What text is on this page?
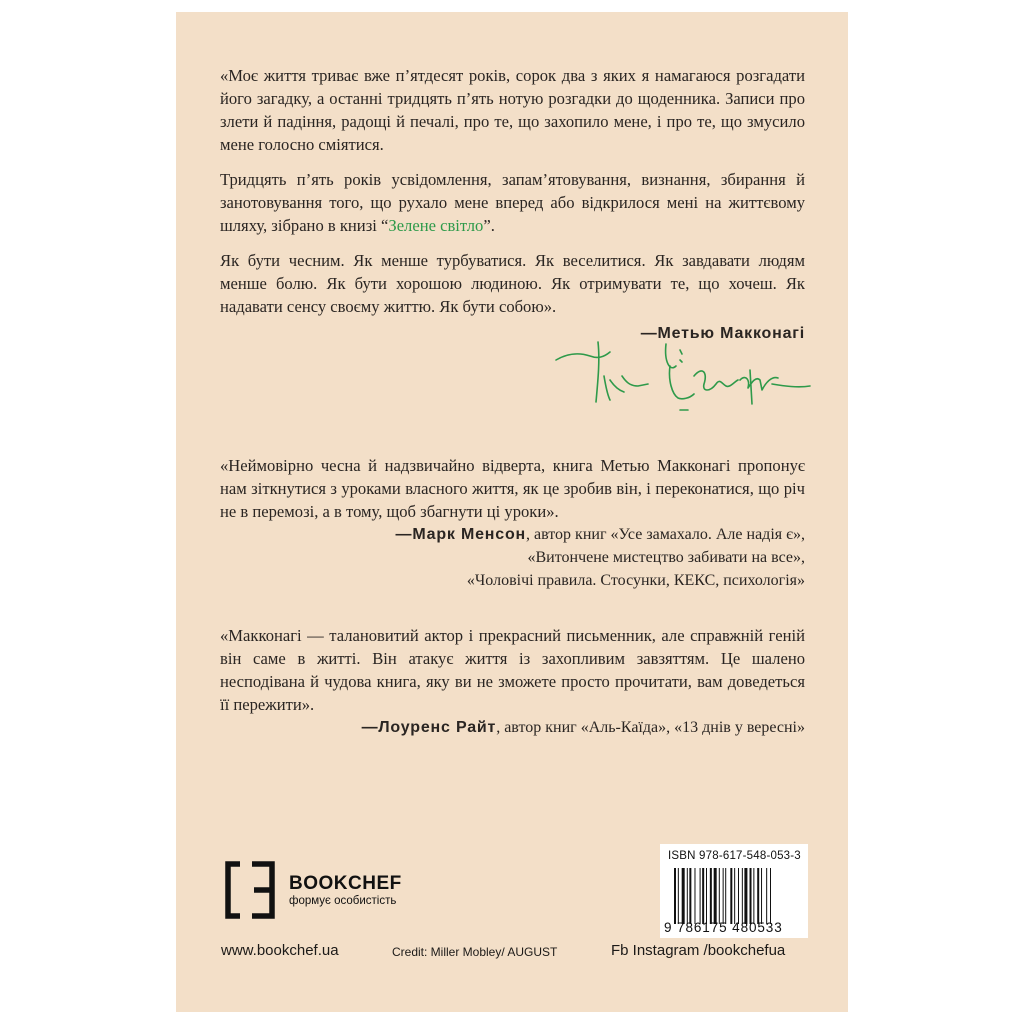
«Моє життя триває вже п’ятдесят років, сорок два з яких я намагаюся розгадати його загадку, а останні тридцять п’ять нотую розгадки до щоденника. Записи про злети й падіння, радощі й печалі, про те, що захопило мене, і про те, що змусило мене голосно сміятися.

Тридцять п’ять років усвідомлення, запам’ятовування, визнання, збирання й занотовування того, що рухало мене вперед або відкрилося мені на життєвому шляху, зібрано в книзі “Зелене світло”.

Як бути чесним. Як менше турбуватися. Як веселитися. Як завдавати людям менше болю. Як бути хорошою людиною. Як отримувати те, що хочеш. Як надавати сенсу своєму життю. Як бути собою».

—Метью Макконагі

«Неймовірно чесна й надзвичайно відверта, книга Метью Макконагі пропонує нам зіткнутися з уроками власного життя, як це зробив він, і переконатися, що річ не в перемозі, а в тому, щоб збагнути ці уроки».

—Марк Менсон, автор книг «Усе замахало. Але надія є»,
«Витончене мистецтво забивати на все»,
«Чоловічі правила. Стосунки, КЕКС, психологія»

«Макконагі — талановитий актор і прекрасний письменник, але справжній геній він саме в житті. Він атакує життя із захопливим завзяттям. Це шалено несподівана й чудова книга, яку ви не зможете просто прочитати, вам доведеться її пережити».

—Лоуренс Райт, автор книг «Аль-Каїда», «13 днів у вересні»
BOOKCHEF
формує особистість
ISBN 978-617-548-053-3
9 786175 480533
www.bookchef.ua	Credit: Miller Mobley/ AUGUST	Fb Instagram /bookchefua
